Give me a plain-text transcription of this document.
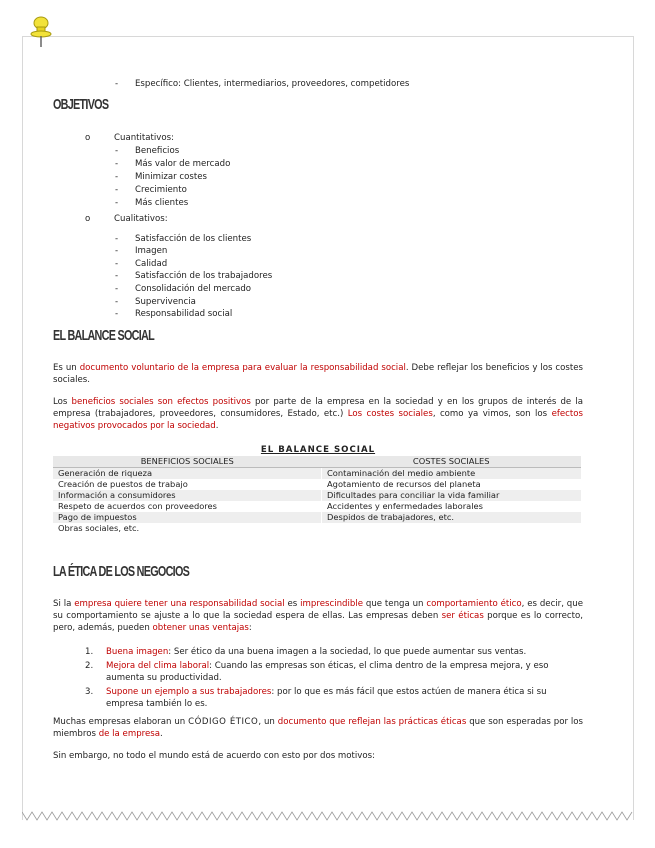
- Específico: Clientes, intermediarios, proveedores, competidores
OBJETIVOS
o	Cuantitativos:
- Beneficios
- Más valor de mercado
- Minimizar costes
- Crecimiento
- Más clientes
o	Cualitativos:
- Satisfacción de los clientes
- Imagen
- Calidad
- Satisfacción de los trabajadores
- Consolidación del mercado
- Supervivencia
- Responsabilidad social
EL BALANCE SOCIAL

Es un documento voluntario de la empresa para evaluar la responsabilidad social. Debe reflejar los beneficios y los costes sociales.

Los beneficios sociales son efectos positivos por parte de la empresa en la sociedad y en los grupos de interés de la empresa (trabajadores, proveedores, consumidores, Estado, etc.) Los costes sociales, como ya vimos, son los efectos negativos provocados por la sociedad.

EL BALANCE SOCIAL
BENEFICIOS SOCIALES	COSTES SOCIALES
Generación de riqueza	Contaminación del medio ambiente
Creación de puestos de trabajo	Agotamiento de recursos del planeta
Información a consumidores	Dificultades para conciliar la vida familiar
Respeto de acuerdos con proveedores	Accidentes y enfermedades laborales
Pago de impuestos	Despidos de trabajadores, etc.
Obras sociales, etc.	
LA ÉTICA DE LOS NEGOCIOS

Si la empresa quiere tener una responsabilidad social es imprescindible que tenga un comportamiento ético, es decir, que su comportamiento se ajuste a lo que la sociedad espera de ellas. Las empresas deben ser éticas porque es lo correcto, pero, además, pueden obtener unas ventajas:

1. Buena imagen: Ser ético da una buena imagen a la sociedad, lo que puede aumentar sus ventas.
2. Mejora del clima laboral: Cuando las empresas son éticas, el clima dentro de la empresa mejora, y eso aumenta su productividad.
3. Supone un ejemplo a sus trabajadores: por lo que es más fácil que estos actúen de manera ética si su empresa también lo es.

Muchas empresas elaboran un CÓDIGO ÉTICO, un documento que reflejan las prácticas éticas que son esperadas por los miembros de la empresa.

Sin embargo, no todo el mundo está de acuerdo con esto por dos motivos:
